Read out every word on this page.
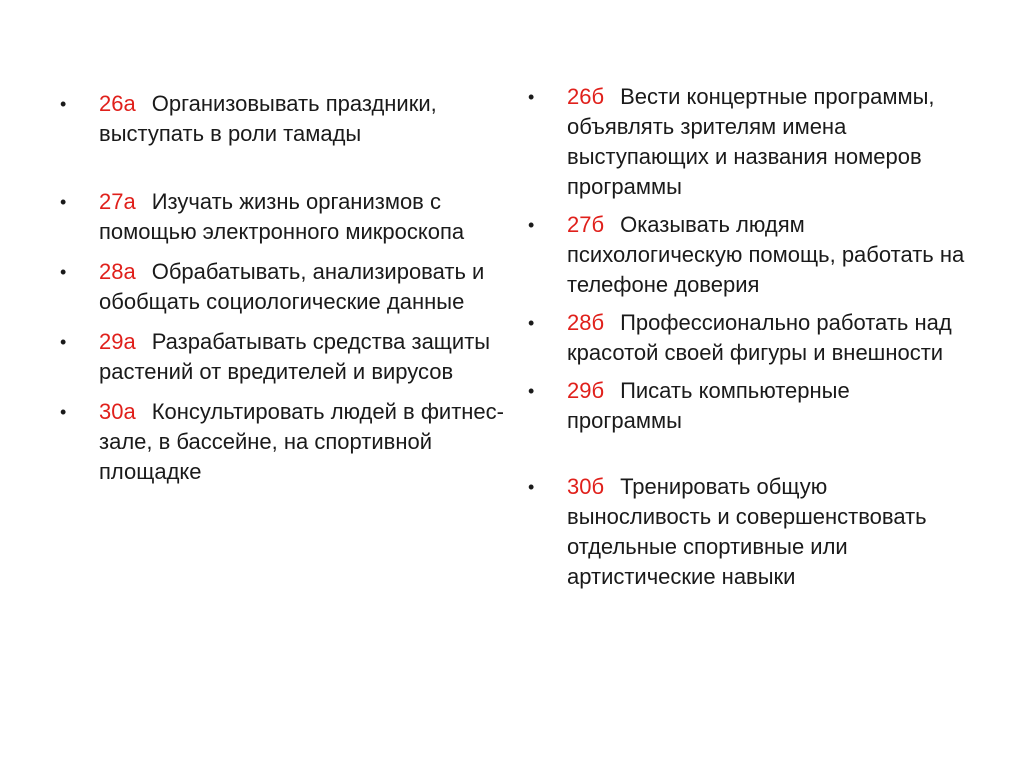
•	26а Организовывать праздники, выступать в роли тамады
•	27а Изучать жизнь организмов с помощью электронного микроскопа
•	28а Обрабатывать, анализировать и обобщать социологические данные
•	29а Разрабатывать средства защиты растений от вредителей и вирусов
•	30а Консультировать людей в фитнес- зале, в бассейне, на спортивной площадке
•	26б Вести концертные программы, объявлять зрителям имена выступающих и названия номеров программы
•	27б Оказывать людям психологическую помощь, работать на телефоне доверия
•	28б Профессионально работать над красотой своей фигуры и внешности
•	29б Писать компьютерные программы
•	30б Тренировать общую выносливость и совершенствовать отдельные спортивные или артистические навыки
